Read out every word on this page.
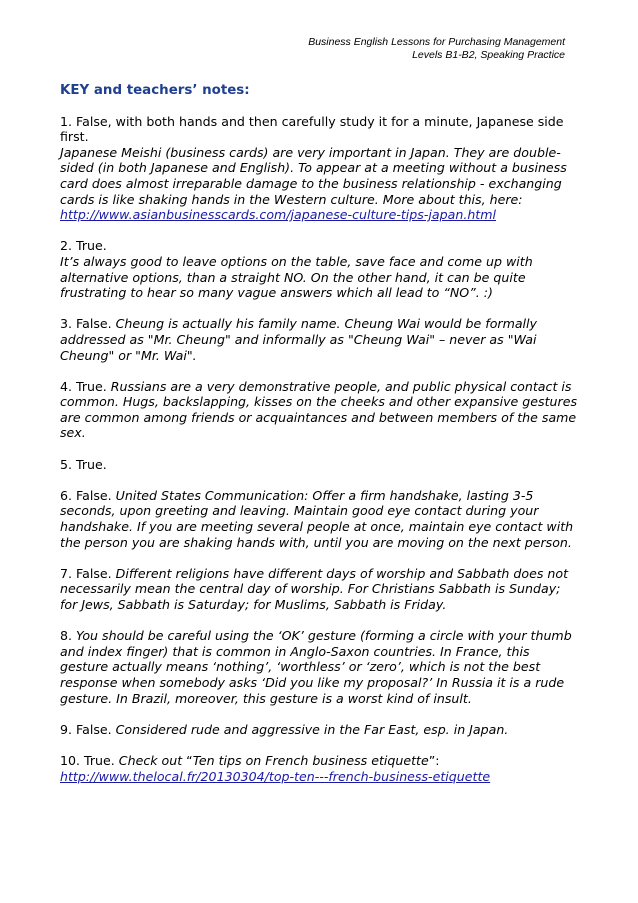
Business English Lessons for Purchasing Management
Levels B1-B2, Speaking Practice
KEY and teachers’ notes:
1. False, with both hands and then carefully study it for a minute, Japanese side first.
Japanese Meishi (business cards) are very important in Japan. They are double-sided (in both Japanese and English). To appear at a meeting without a business card does almost irreparable damage to the business relationship - exchanging cards is like shaking hands in the Western culture. More about this, here: http://www.asianbusinesscards.com/japanese-culture-tips-japan.html
2. True.
It’s always good to leave options on the table, save face and come up with alternative options, than a straight NO. On the other hand, it can be quite frustrating to hear so many vague answers which all lead to “NO”. :)
3. False. Cheung is actually his family name. Cheung Wai would be formally addressed as "Mr. Cheung" and informally as "Cheung Wai" – never as "Wai Cheung" or "Mr. Wai".
4. True. Russians are a very demonstrative people, and public physical contact is common. Hugs, backslapping, kisses on the cheeks and other expansive gestures are common among friends or acquaintances and between members of the same sex.
5. True.
6. False. United States Communication: Offer a firm handshake, lasting 3-5 seconds, upon greeting and leaving. Maintain good eye contact during your handshake. If you are meeting several people at once, maintain eye contact with the person you are shaking hands with, until you are moving on the next person.
7. False. Different religions have different days of worship and Sabbath does not necessarily mean the central day of worship. For Christians Sabbath is Sunday; for Jews, Sabbath is Saturday; for Muslims, Sabbath is Friday.
8. You should be careful using the ‘OK’ gesture (forming a circle with your thumb and index finger) that is common in Anglo-Saxon countries. In France, this gesture actually means ‘nothing’, ‘worthless’ or ‘zero’, which is not the best response when somebody asks ‘Did you like my proposal?’ In Russia it is a rude gesture. In Brazil, moreover, this gesture is a worst kind of insult.
9. False. Considered rude and aggressive in the Far East, esp. in Japan.
10. True. Check out “Ten tips on French business etiquette”:
http://www.thelocal.fr/20130304/top-ten---french-business-etiquette
